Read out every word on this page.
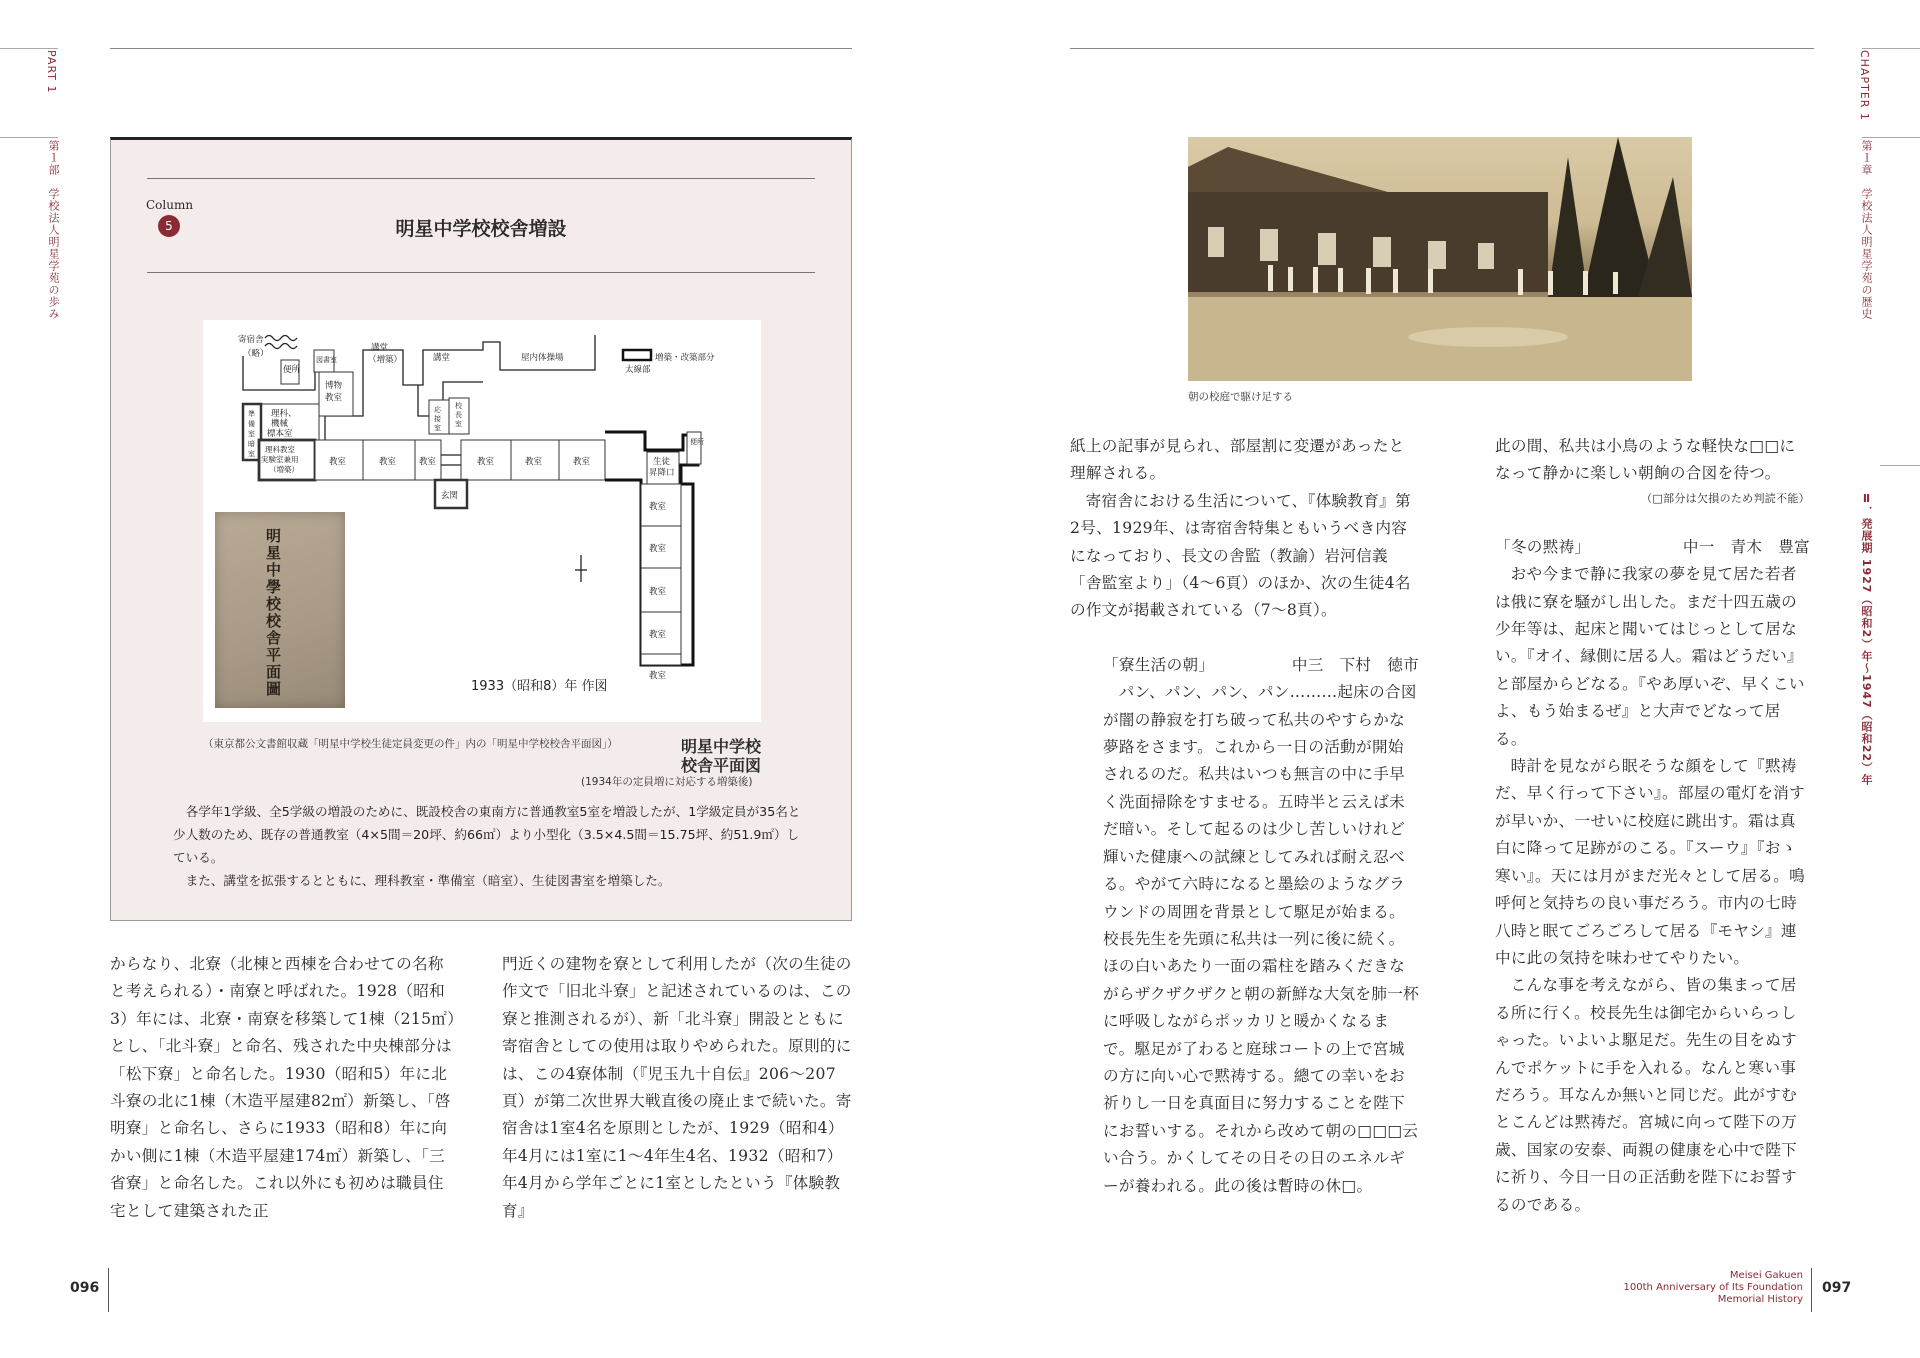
PART 1
第１部　学校法人明星学苑の歩み	Column
5	明星中学校校舎増設
寄宿舎
（略）
便所
図書室
講堂
（増築）	講堂	屋内体操場	増築・改築部分
太線部
博物
教室
理科、
機械
標本室
準
備
室
暗
室
応
接
室
校
長
室
理科教室
実験室兼用
（増築）
教室	教室	教室	教室	教室	教室
玄関
生徒
昇降口
便所
教室
教室
教室
教室
教室
1933（昭和8）年 作図
明星中學校校舎平面圖
（東京都公文書館収蔵「明星中学校生徒定員変更の件」内の「明星中学校校舎平面図」）	明星中学校
校舎平面図
(1934年の定員増に対応する増築後)

各学年1学級、全5学級の増設のために、既設校舎の東南方に普通教室5室を増設したが、1学級定員が35名と少人数のため、既存の普通教室（4×5間＝20坪、約66㎡）より小型化（3.5×4.5間＝15.75坪、約51.9㎡）している。

また、講堂を拡張するとともに、理科教室・準備室（暗室）、生徒図書室を増築した。

からなり、北寮（北棟と西棟を合わせての名称と考えられる）・南寮と呼ばれた。1928（昭和3）年には、北寮・南寮を移築して1棟（215㎡）とし、「北斗寮」と命名、残された中央棟部分は「松下寮」と命名した。1930（昭和5）年に北斗寮の北に1棟（木造平屋建82㎡）新築し、「啓明寮」と命名し、さらに1933（昭和8）年に向かい側に1棟（木造平屋建174㎡）新築し、「三省寮」と命名した。これ以外にも初めは職員住宅として建築された正

門近くの建物を寮として利用したが（次の生徒の作文で「旧北斗寮」と記述されているのは、この寮と推測されるが）、新「北斗寮」開設とともに寄宿舎としての使用は取りやめられた。原則的には、この4寮体制（『児玉九十自伝』206～207頁）が第二次世界大戦直後の廃止まで続いた。寄宿舎は1室4名を原則としたが、1929（昭和4）年4月には1室に1～4年生4名、1932（昭和7）年4月から学年ごとに1室としたという『体験教育』

096
CHAPTER 1
第１章　学校法人明星学苑の歴史
Ⅱ．発展期 1927（昭和2）年～1947（昭和22）年
朝の校庭で駆け足する

紙上の記事が見られ、部屋割に変遷があったと理解される。

寄宿舎における生活について、『体験教育』第2号、1929年、は寄宿舎特集ともいうべき内容になっており、長文の舎監（教諭）岩河信義「舎監室より」（4～6頁）のほか、次の生徒4名の作文が掲載されている（7～8頁）。

「寮生活の朝」	中三　下村　徳市

パン、パン、パン、パン………起床の合図が闇の静寂を打ち破って私共のやすらかな夢路をさます。これから一日の活動が開始されるのだ。私共はいつも無言の中に手早く洗面掃除をすませる。五時半と云えば未だ暗い。そして起るのは少し苦しいけれど輝いた健康への試練としてみれば耐え忍べる。やがて六時になると墨絵のようなグラウンドの周囲を背景として駆足が始まる。校長先生を先頭に私共は一列に後に続く。ほの白いあたり一面の霜柱を踏みくだきながらザクザクザクと朝の新鮮な大気を肺一杯に呼吸しながらポッカリと暖かくなるまで。駆足が了わると庭球コートの上で宮城の方に向い心で黙祷する。總ての幸いをお祈りし一日を真面目に努力することを陛下にお誓いする。それから改めて朝の□□□云い合う。かくしてその日その日のエネルギーが養われる。此の後は暫時の休□。

此の間、私共は小鳥のような軽快な□□になって静かに楽しい朝餉の合図を待つ。

（□部分は欠損のため判読不能）

「冬の黙祷」	中一　青木　豊富

おや今まで静に我家の夢を見て居た若者は俄に寮を騒がし出した。まだ十四五歳の少年等は、起床と聞いてはじっとして居ない。『オイ、縁側に居る人。霜はどうだい』と部屋からどなる。『やあ厚いぞ、早くこいよ、もう始まるぜ』と大声でどなって居る。

時計を見ながら眠そうな顔をして『黙祷だ、早く行って下さい』。部屋の電灯を消すが早いか、一せいに校庭に跳出す。霜は真白に降って足跡がのこる。『スーウ』『おゝ寒い』。天には月がまだ光々として居る。鳴呼何と気持ちの良い事だろう。市内の七時八時と眠てごろごろして居る『モヤシ』連中に此の気持を味わせてやりたい。

こんな事を考えながら、皆の集まって居る所に行く。校長先生は御宅からいらっしゃった。いよいよ駆足だ。先生の目をぬすんでポケットに手を入れる。なんと寒い事だろう。耳なんか無いと同じだ。此がすむとこんどは黙祷だ。宮城に向って陛下の万歳、国家の安泰、両親の健康を心中で陛下に祈り、今日一日の正活動を陛下にお誓するのである。

Meisei Gakuen
100th Anniversary of Its Foundation
Memorial History
097
